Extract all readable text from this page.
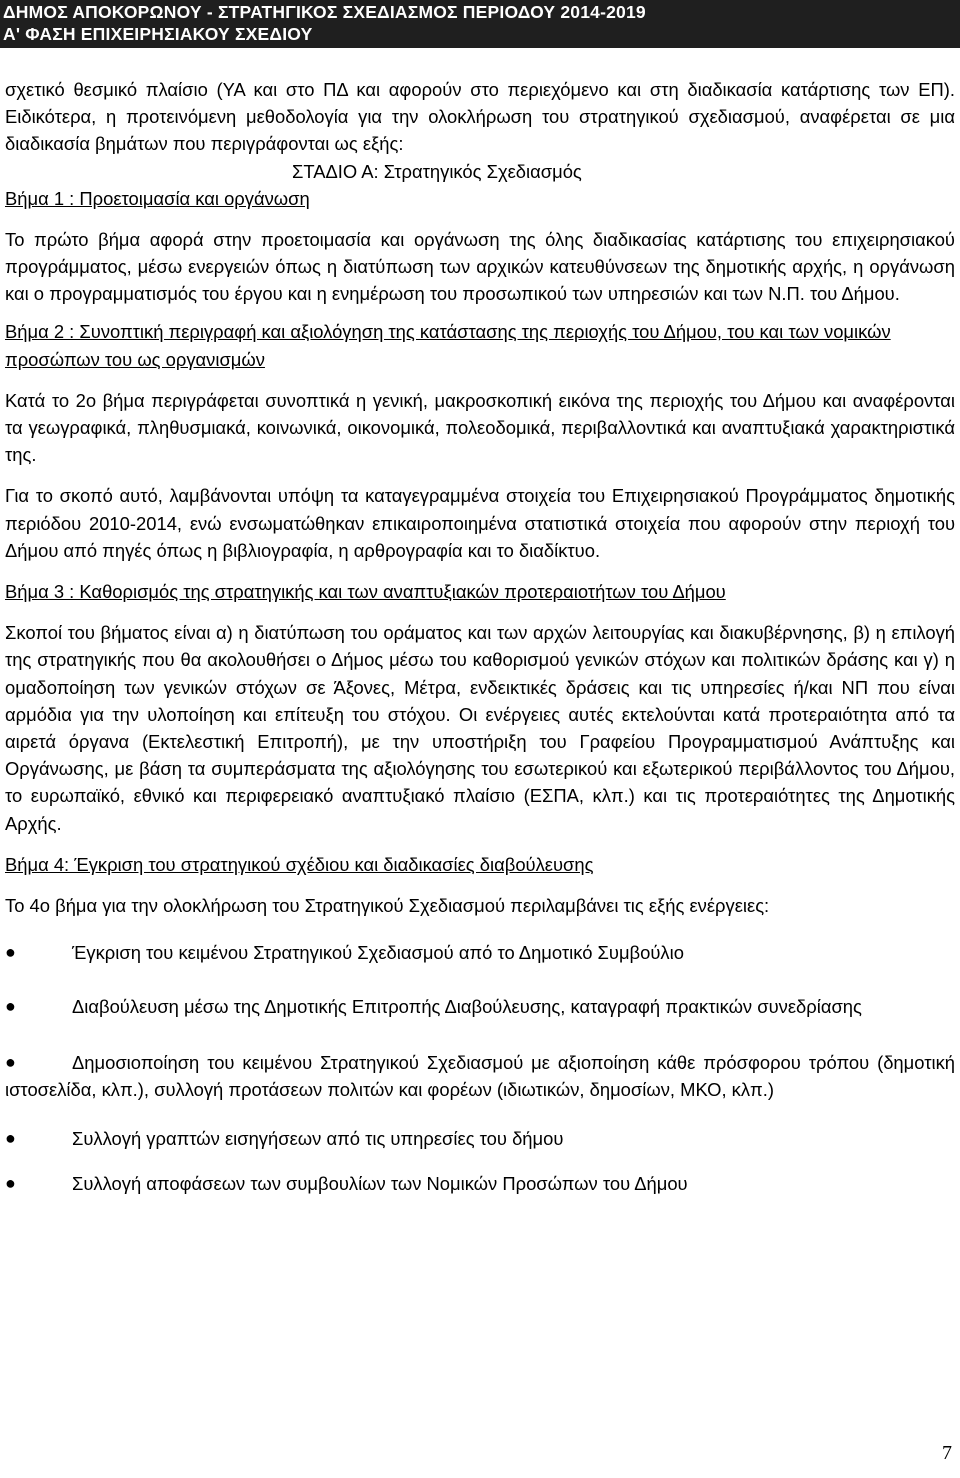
ΔΗΜΟΣ ΑΠΟΚΟΡΩΝΟΥ - ΣΤΡΑΤΗΓΙΚΟΣ ΣΧΕΔΙΑΣΜΟΣ ΠΕΡΙΟΔΟΥ 2014-2019
Α' ΦΑΣΗ ΕΠΙΧΕΙΡΗΣΙΑΚΟΥ ΣΧΕΔΙΟΥ

σχετικό θεσμικό πλαίσιο (ΥΑ και στο ΠΔ και αφορούν στο περιεχόμενο και στη διαδικασία κατάρτισης των ΕΠ). Ειδικότερα, η προτεινόμενη μεθοδολογία για την ολοκλήρωση του στρατηγικού σχεδιασμού, αναφέρεται σε μια διαδικασία βημάτων που περιγράφονται ως εξής:

ΣΤΑΔΙΟ Α: Στρατηγικός Σχεδιασμός

Βήμα 1 : Προετοιμασία και οργάνωση

Το πρώτο βήμα αφορά στην προετοιμασία και οργάνωση της όλης διαδικασίας κατάρτισης του επιχειρησιακού προγράμματος, μέσω ενεργειών όπως η διατύπωση των αρχικών κατευθύνσεων της δημοτικής αρχής, η οργάνωση και ο προγραμματισμός του έργου και η ενημέρωση του προσωπικού των υπηρεσιών και των Ν.Π. του Δήμου.

Βήμα 2 : Συνοπτική περιγραφή και αξιολόγηση της κατάστασης της περιοχής του Δήμου, του και των νομικών προσώπων του ως οργανισμών

Κατά το 2ο βήμα περιγράφεται συνοπτικά η γενική, μακροσκοπική εικόνα της περιοχής του Δήμου και αναφέρονται τα γεωγραφικά, πληθυσμιακά, κοινωνικά, οικονομικά, πολεοδομικά, περιβαλλοντικά και αναπτυξιακά χαρακτηριστικά της.

Για το σκοπό αυτό, λαμβάνονται υπόψη τα καταγεγραμμένα στοιχεία του Επιχειρησιακού Προγράμματος δημοτικής περιόδου 2010-2014, ενώ ενσωματώθηκαν επικαιροποιημένα στατιστικά στοιχεία που αφορούν στην περιοχή του Δήμου από πηγές όπως η βιβλιογραφία, η αρθρογραφία και το διαδίκτυο.

Βήμα 3 : Καθορισμός της στρατηγικής και των αναπτυξιακών προτεραιοτήτων του Δήμου

Σκοποί του βήματος είναι α) η διατύπωση του οράματος και των αρχών λειτουργίας και διακυβέρνησης, β) η επιλογή της στρατηγικής που θα ακολουθήσει ο Δήμος μέσω του καθορισμού γενικών στόχων και πολιτικών δράσης και γ) η ομαδοποίηση των γενικών στόχων σε Άξονες, Μέτρα, ενδεικτικές δράσεις και τις υπηρεσίες ή/και ΝΠ που είναι αρμόδια για την υλοποίηση και επίτευξη του στόχου. Οι ενέργειες αυτές εκτελούνται κατά προτεραιότητα από τα αιρετά όργανα (Εκτελεστική Επιτροπή), με την υποστήριξη του Γραφείου Προγραμματισμού Ανάπτυξης και Οργάνωσης, με βάση τα συμπεράσματα της αξιολόγησης του εσωτερικού και εξωτερικού περιβάλλοντος του Δήμου, το ευρωπαϊκό, εθνικό και περιφερειακό αναπτυξιακό πλαίσιο (ΕΣΠΑ, κλπ.) και τις προτεραιότητες της Δημοτικής Αρχής.

Βήμα 4: Έγκριση του στρατηγικού σχέδιου και διαδικασίες διαβούλευσης

Το 4ο βήμα για την ολοκλήρωση του Στρατηγικού Σχεδιασμού περιλαμβάνει τις εξής ενέργειες:

●	Έγκριση του κειμένου Στρατηγικού Σχεδιασμού από το Δημοτικό Συμβούλιο
●	Διαβούλευση μέσω της Δημοτικής Επιτροπής Διαβούλευσης, καταγραφή πρακτικών συνεδρίασης
●	Δημοσιοποίηση του κειμένου Στρατηγικού Σχεδιασμού με αξιοποίηση κάθε πρόσφορου τρόπου (δημοτική ιστοσελίδα, κλπ.), συλλογή προτάσεων πολιτών και φορέων (ιδιωτικών, δημοσίων, ΜΚΟ, κλπ.)
●	Συλλογή γραπτών εισηγήσεων από τις υπηρεσίες του δήμου
●	Συλλογή αποφάσεων των συμβουλίων των Νομικών Προσώπων του Δήμου
7
